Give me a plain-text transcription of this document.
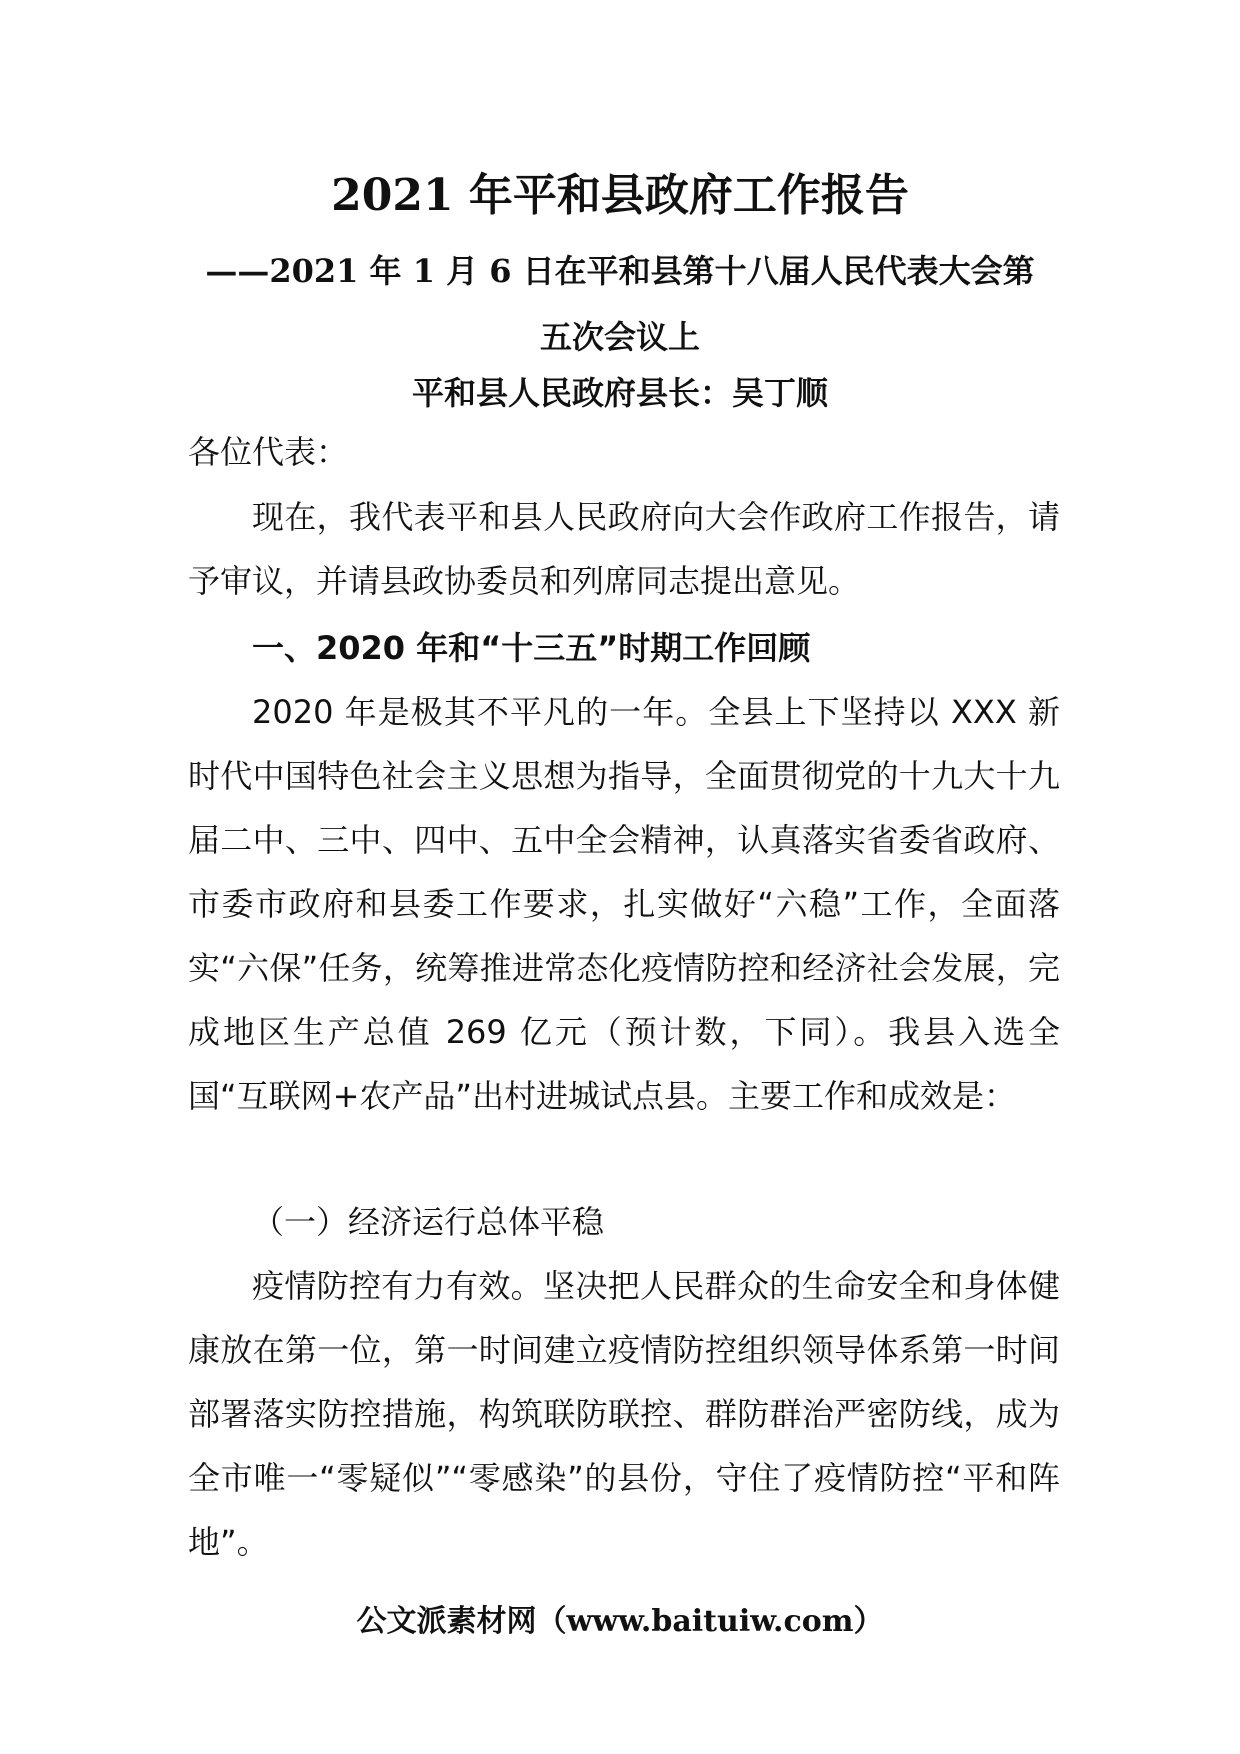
2021 年平和县政府工作报告
——2021 年 1 月 6 日在平和县第十八届人民代表大会第五次会议上
平和县人民政府县长：吴丁顺

各位代表：

现在，我代表平和县人民政府向大会作政府工作报告，请予审议，并请县政协委员和列席同志提出意见。

一、2020 年和“十三五”时期工作回顾

2020 年是极其不平凡的一年。全县上下坚持以 XXX 新时代中国特色社会主义思想为指导，全面贯彻党的十九大十九届二中、三中、四中、五中全会精神，认真落实省委省政府、市委市政府和县委工作要求，扎实做好“六稳”工作，全面落实“六保”任务，统筹推进常态化疫情防控和经济社会发展，完成地区生产总值 269 亿元（预计数，下同）。我县入选全国“互联网+农产品”出村进城试点县。主要工作和成效是：

（一）经济运行总体平稳

疫情防控有力有效。坚决把人民群众的生命安全和身体健康放在第一位，第一时间建立疫情防控组织领导体系第一时间部署落实防控措施，构筑联防联控、群防群治严密防线，成为全市唯一“零疑似”“零感染”的县份，守住了疫情防控“平和阵地”。

公文派素材网（www.baituiw.com）
